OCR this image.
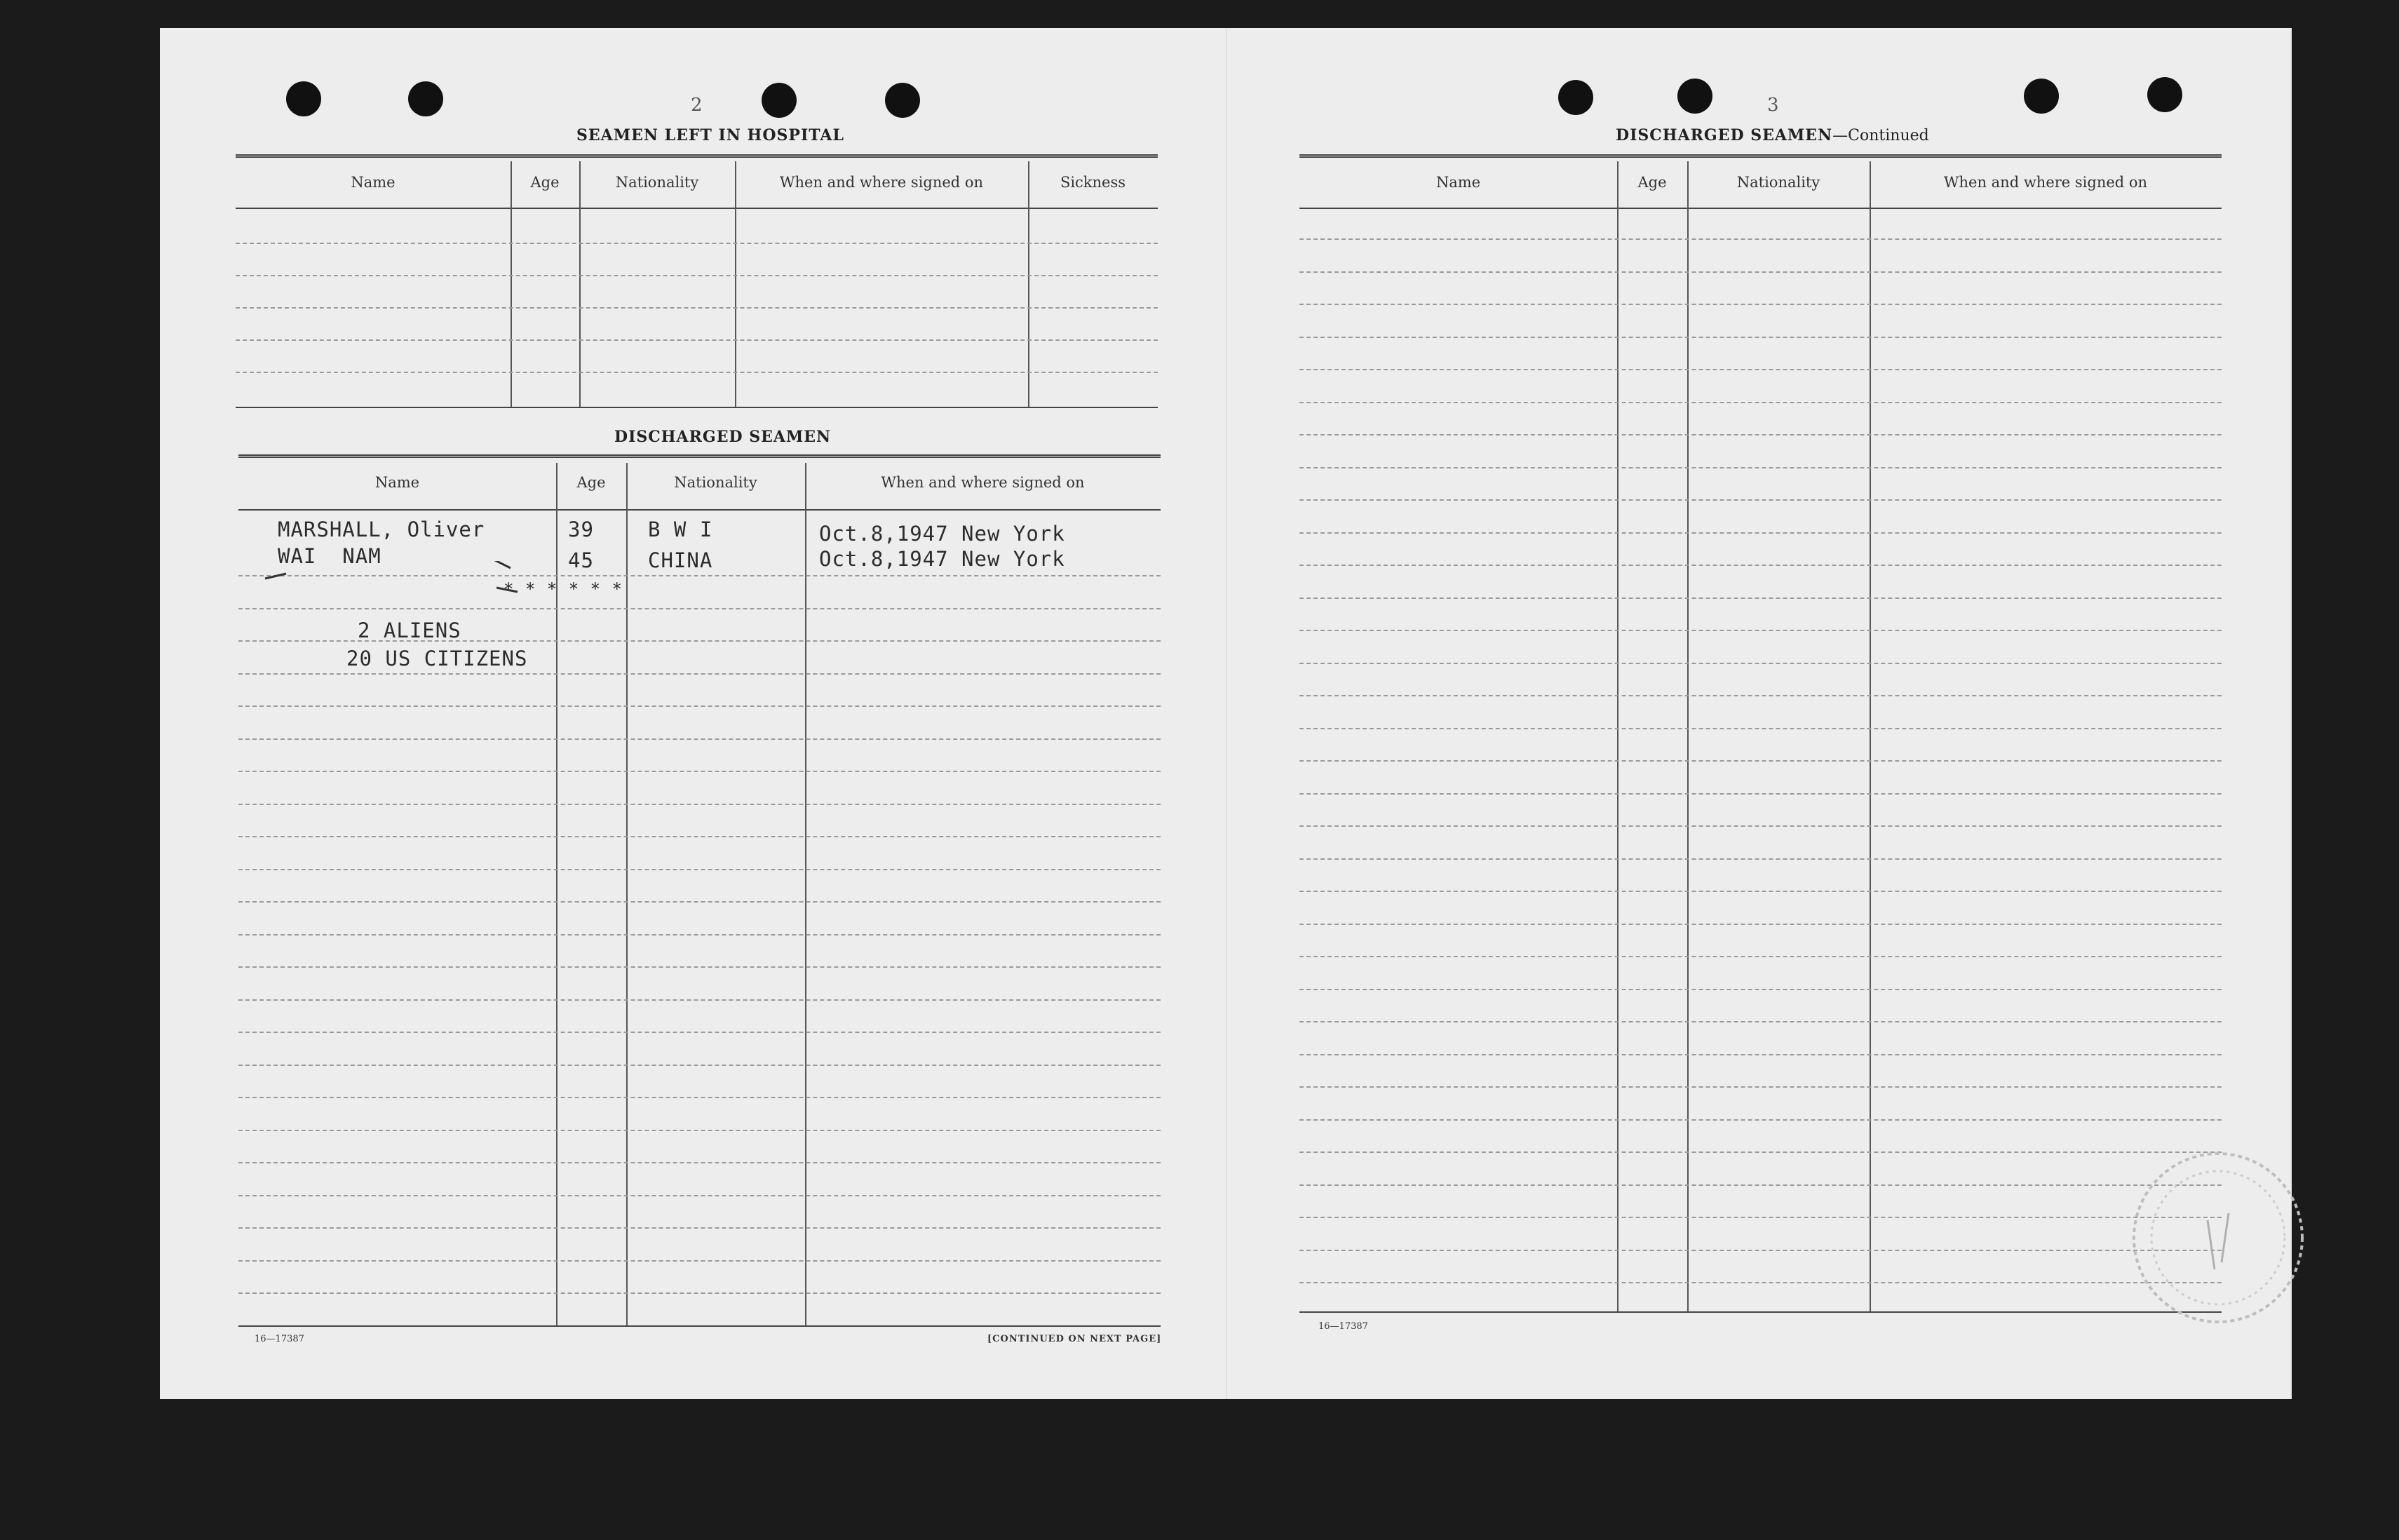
2
SEAMEN LEFT IN HOSPITAL
Name	Age	Nationality	When and where signed on	Sickness
DISCHARGED SEAMEN
Name	Age	Nationality	When and where signed on
MARSHALL, Oliver	39	B W I	Oct.8,1947 New York
WAI  NAM	45	CHINA	Oct.8,1947 New York
* * * * * *
2 ALIENS
20 US CITIZENS
16—17387	[CONTINUED ON NEXT PAGE]
3
DISCHARGED SEAMEN—Continued
Name	Age	Nationality	When and where signed on
16—17387
